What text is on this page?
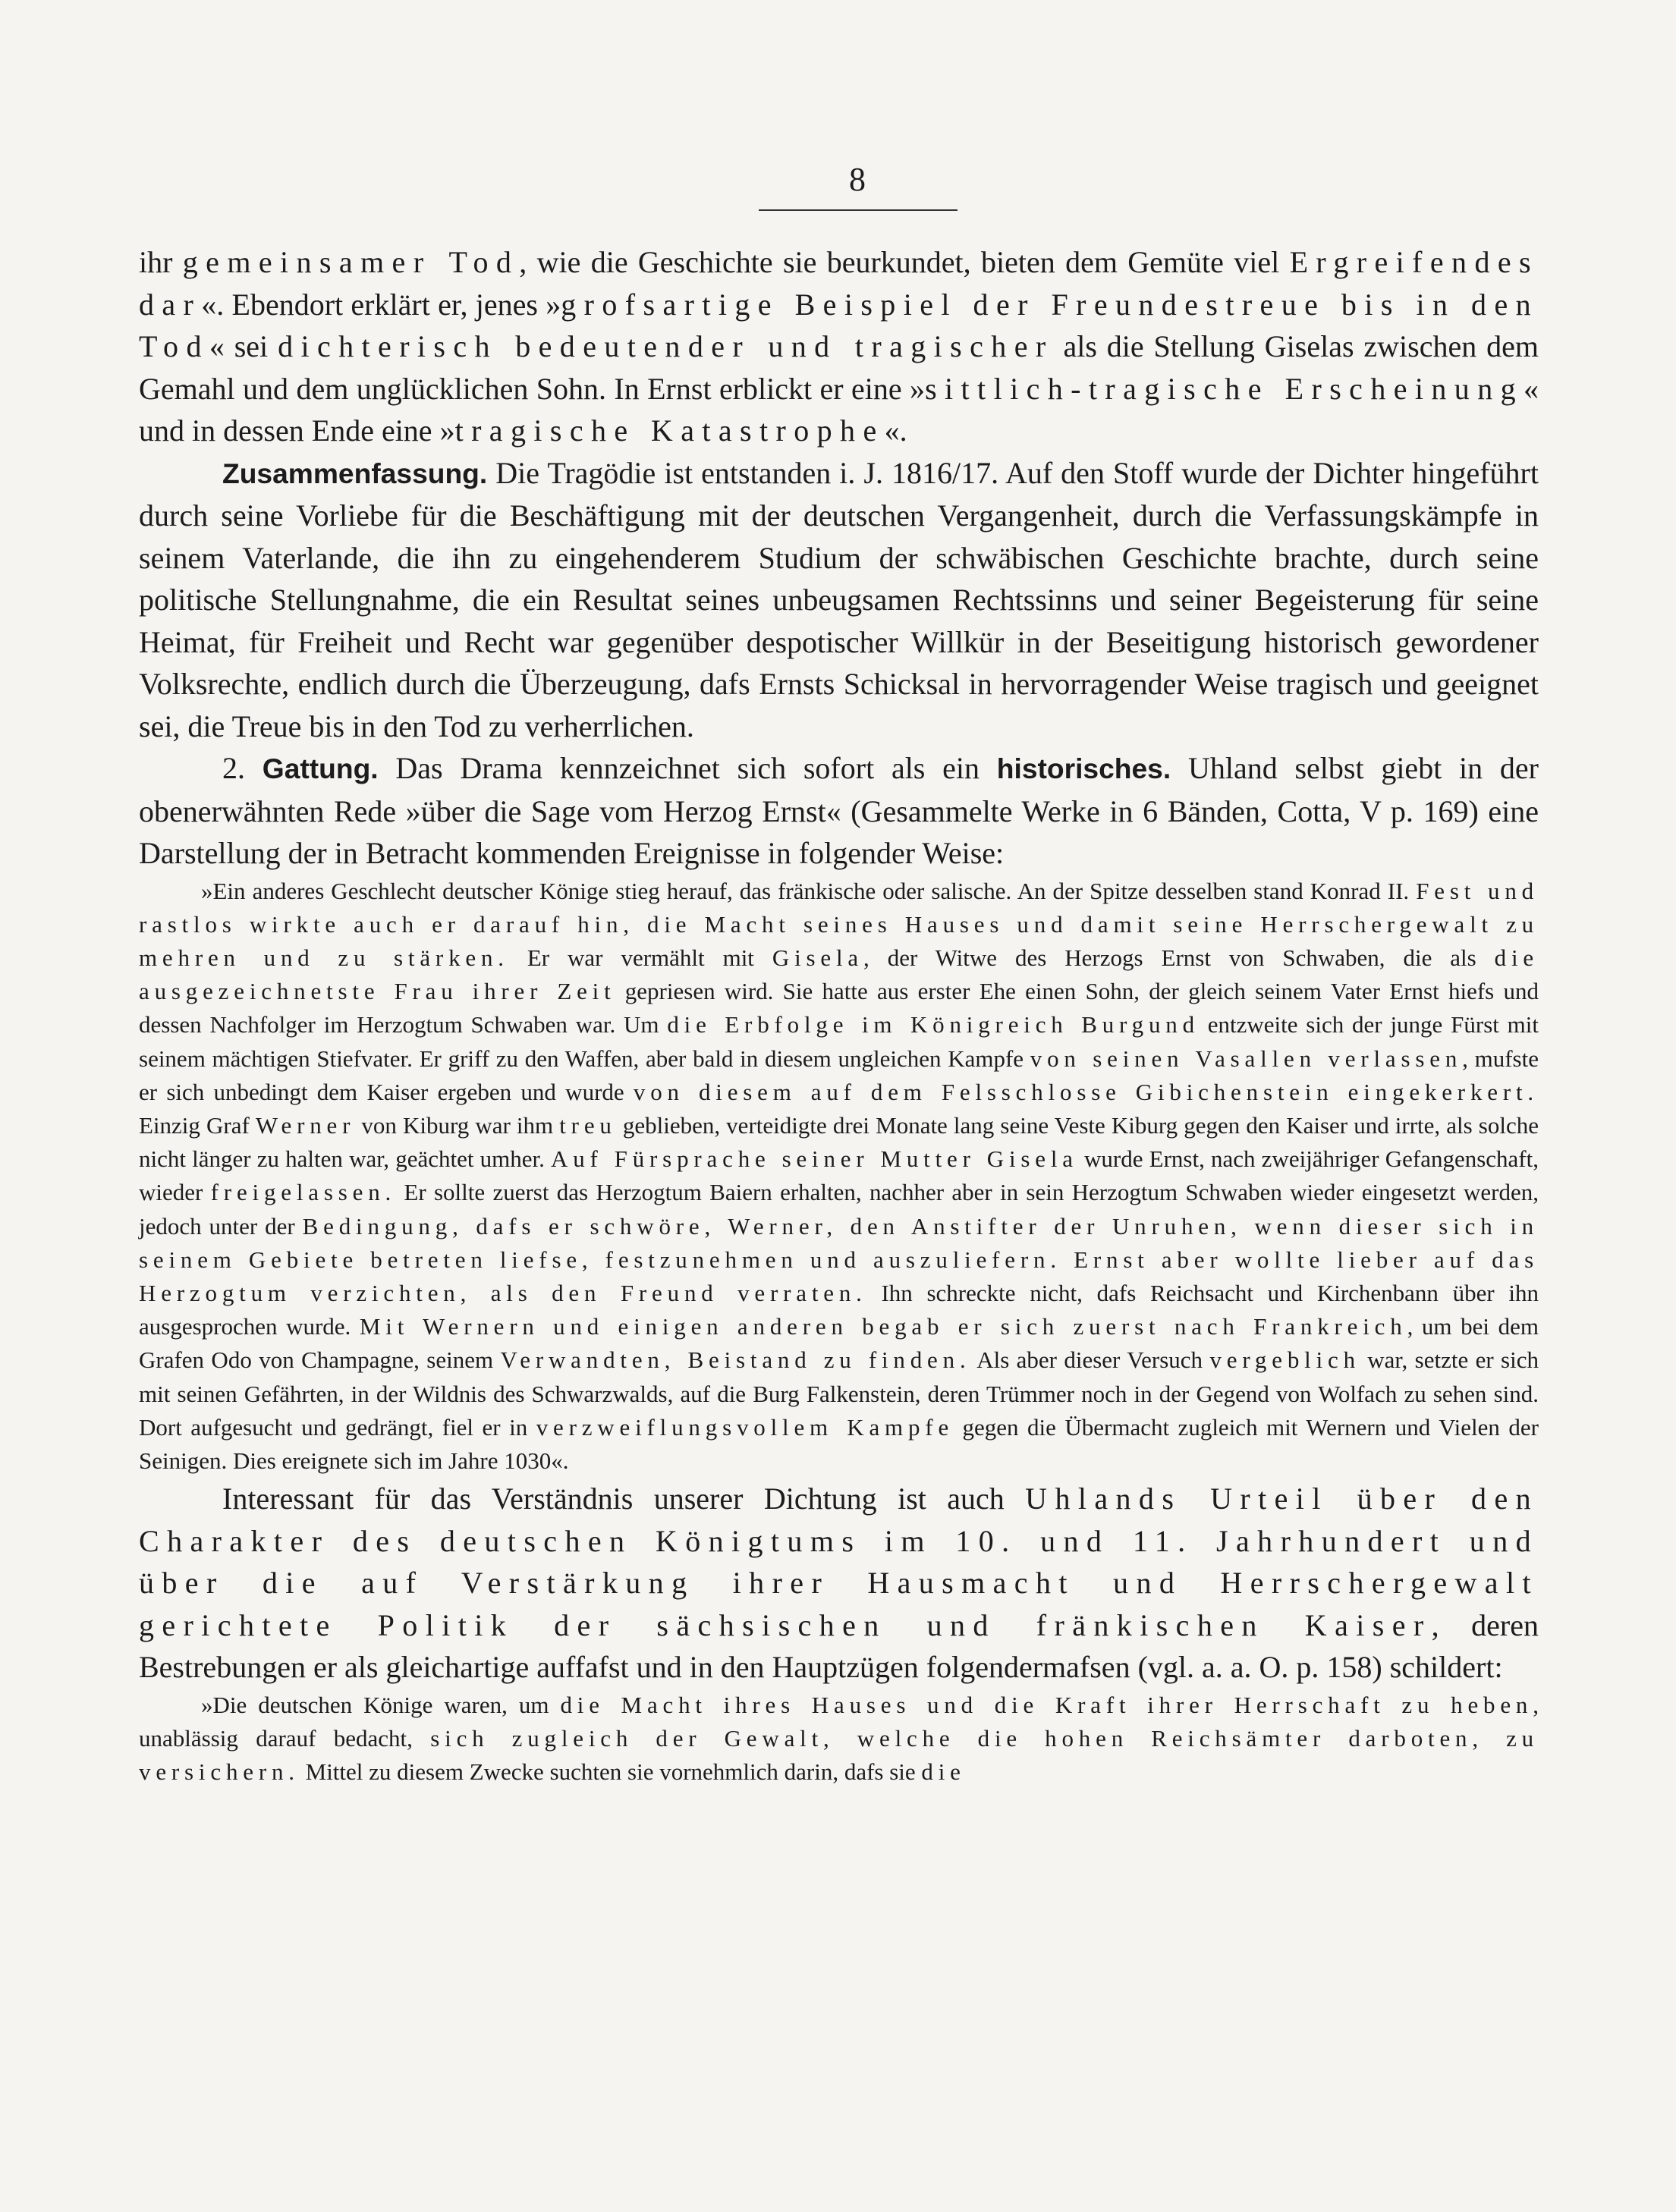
8

ihr gemeinsamer Tod, wie die Geschichte sie beurkundet, bieten dem Gemüte viel Ergreifendes dar«. Ebendort erklärt er, jenes »grofsartige Beispiel der Freundestreue bis in den Tod« sei dichterisch bedeutender und tragischer als die Stellung Giselas zwischen dem Gemahl und dem unglücklichen Sohn. In Ernst erblickt er eine »sittlich-tragische Erscheinung« und in dessen Ende eine »tragische Katastrophe«.

Zusammenfassung. Die Tragödie ist entstanden i. J. 1816/17. Auf den Stoff wurde der Dichter hingeführt durch seine Vorliebe für die Beschäftigung mit der deutschen Vergangenheit, durch die Verfassungskämpfe in seinem Vaterlande, die ihn zu eingehenderem Studium der schwäbischen Geschichte brachte, durch seine politische Stellungnahme, die ein Resultat seines unbeugsamen Rechtssinns und seiner Begeisterung für seine Heimat, für Freiheit und Recht war gegenüber despotischer Willkür in der Beseitigung historisch gewordener Volksrechte, endlich durch die Überzeugung, dafs Ernsts Schicksal in hervorragender Weise tragisch und geeignet sei, die Treue bis in den Tod zu verherrlichen.

2. Gattung. Das Drama kennzeichnet sich sofort als ein historisches. Uhland selbst giebt in der obenerwähnten Rede »über die Sage vom Herzog Ernst« (Gesammelte Werke in 6 Bänden, Cotta, V p. 169) eine Darstellung der in Betracht kommenden Ereignisse in folgender Weise:

»Ein anderes Geschlecht deutscher Könige stieg herauf, das fränkische oder salische. An der Spitze desselben stand Konrad II. Fest und rastlos wirkte auch er darauf hin, die Macht seines Hauses und damit seine Herrschergewalt zu mehren und zu stärken. Er war vermählt mit Gisela, der Witwe des Herzogs Ernst von Schwaben, die als die ausgezeichnetste Frau ihrer Zeit gepriesen wird. Sie hatte aus erster Ehe einen Sohn, der gleich seinem Vater Ernst hiefs und dessen Nachfolger im Herzogtum Schwaben war. Um die Erbfolge im Königreich Burgund entzweite sich der junge Fürst mit seinem mächtigen Stiefvater. Er griff zu den Waffen, aber bald in diesem ungleichen Kampfe von seinen Vasallen verlassen, mufste er sich unbedingt dem Kaiser ergeben und wurde von diesem auf dem Felsschlosse Gibichenstein eingekerkert. Einzig Graf Werner von Kiburg war ihm treu geblieben, verteidigte drei Monate lang seine Veste Kiburg gegen den Kaiser und irrte, als solche nicht länger zu halten war, geächtet umher. Auf Fürsprache seiner Mutter Gisela wurde Ernst, nach zweijähriger Gefangenschaft, wieder freigelassen. Er sollte zuerst das Herzogtum Baiern erhalten, nachher aber in sein Herzogtum Schwaben wieder eingesetzt werden, jedoch unter der Bedingung, dafs er schwöre, Werner, den Anstifter der Unruhen, wenn dieser sich in seinem Gebiete betreten liefse, festzunehmen und auszuliefern. Ernst aber wollte lieber auf das Herzogtum verzichten, als den Freund verraten. Ihn schreckte nicht, dafs Reichsacht und Kirchenbann über ihn ausgesprochen wurde. Mit Wernern und einigen anderen begab er sich zuerst nach Frankreich, um bei dem Grafen Odo von Champagne, seinem Verwandten, Beistand zu finden. Als aber dieser Versuch vergeblich war, setzte er sich mit seinen Gefährten, in der Wildnis des Schwarzwalds, auf die Burg Falkenstein, deren Trümmer noch in der Gegend von Wolfach zu sehen sind. Dort aufgesucht und gedrängt, fiel er in verzweiflungsvollem Kampfe gegen die Übermacht zugleich mit Wernern und Vielen der Seinigen. Dies ereignete sich im Jahre 1030«.

Interessant für das Verständnis unserer Dichtung ist auch Uhlands Urteil über den Charakter des deutschen Königtums im 10. und 11. Jahrhundert und über die auf Verstärkung ihrer Hausmacht und Herrschergewalt gerichtete Politik der sächsischen und fränkischen Kaiser, deren Bestrebungen er als gleichartige auffafst und in den Hauptzügen folgendermafsen (vgl. a. a. O. p. 158) schildert:

»Die deutschen Könige waren, um die Macht ihres Hauses und die Kraft ihrer Herrschaft zu heben, unablässig darauf bedacht, sich zugleich der Gewalt, welche die hohen Reichsämter darboten, zu versichern. Mittel zu diesem Zwecke suchten sie vornehmlich darin, dafs sie die
